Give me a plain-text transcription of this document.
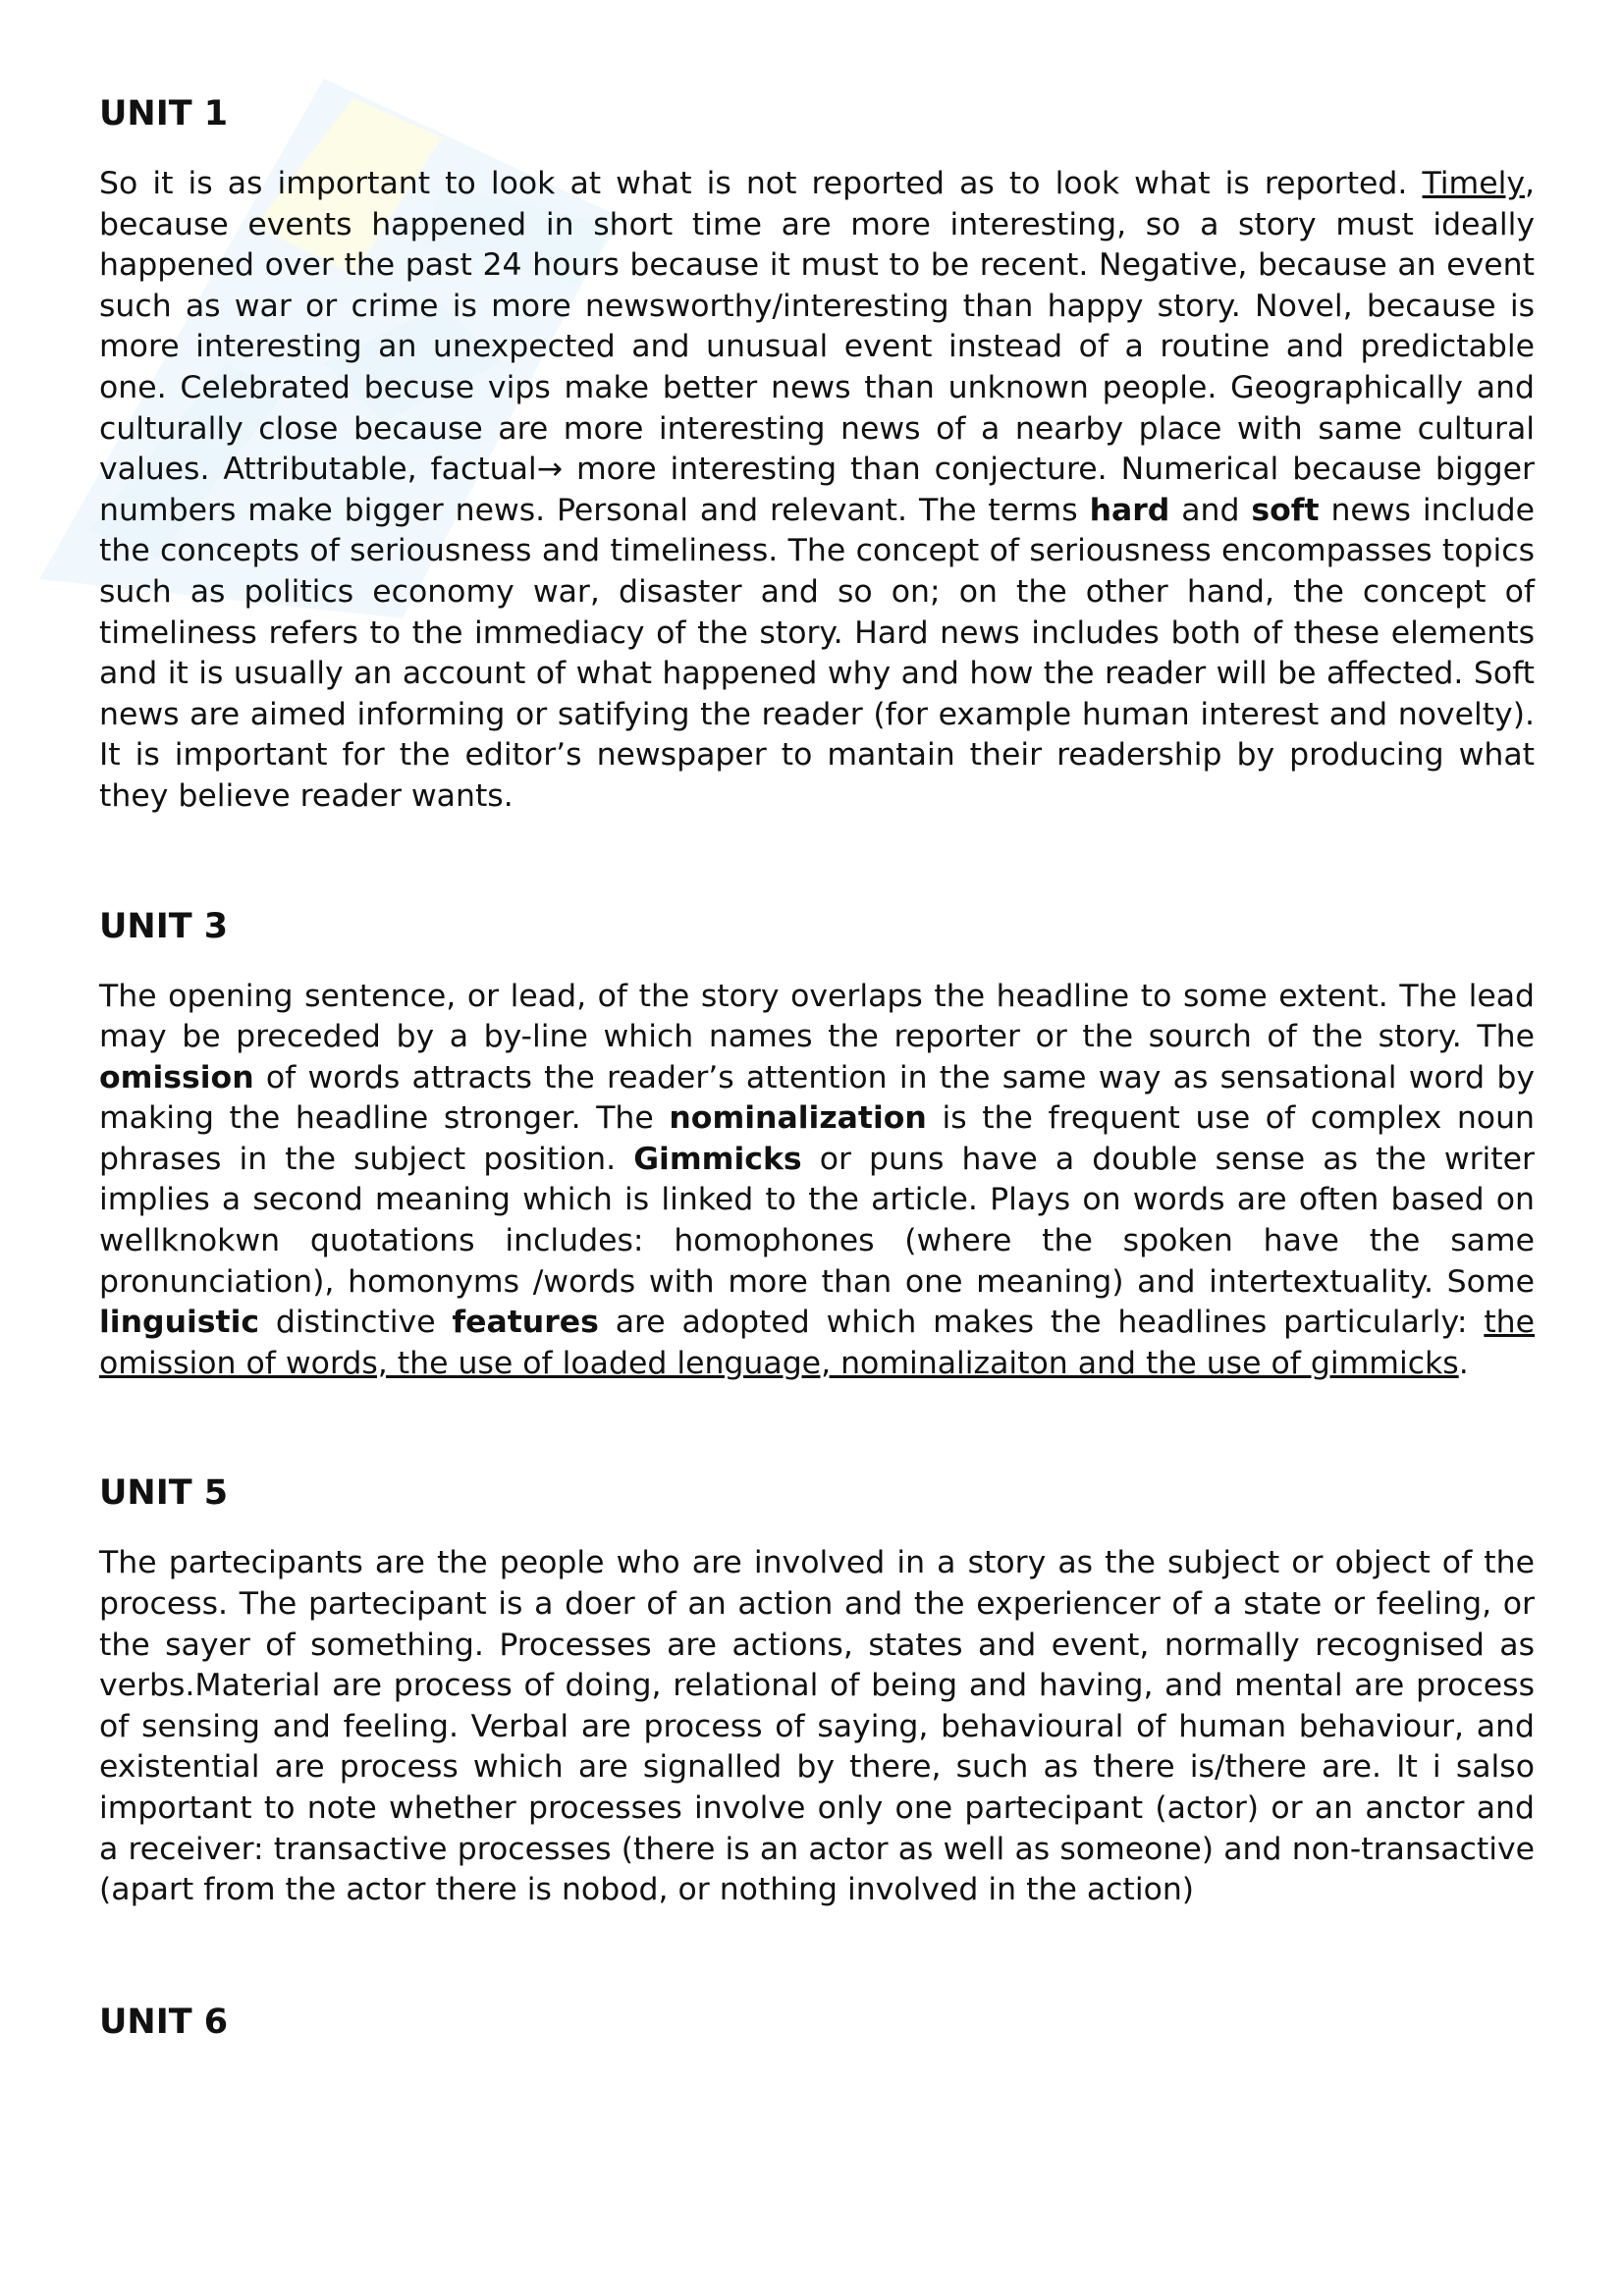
UNIT 1

So it is as important to look at what is not reported as to look what is reported. Timely, because events happened in short time are more interesting, so a story must ideally happened over the past 24 hours because it must to be recent. Negative, because an event such as war or crime is more newsworthy/interesting than happy story. Novel, because is more interesting an unexpected and unusual event instead of a routine and predictable one. Celebrated becuse vips make better news than unknown people. Geographically and culturally close because are more interesting news of a nearby place with same cultural values. Attributable, factual→ more interesting than conjecture. Numerical because bigger numbers make bigger news. Personal and relevant. The terms hard and soft news include the concepts of seriousness and timeliness. The concept of seriousness encompasses topics such as politics economy war, disaster and so on; on the other hand, the concept of timeliness refers to the immediacy of the story. Hard news includes both of these elements and it is usually an account of what happened why and how the reader will be affected. Soft news are aimed informing or satifying the reader (for example human interest and novelty). It is important for the editor’s newspaper to mantain their readership by producing what they believe reader wants.

UNIT 3

The opening sentence, or lead, of the story overlaps the headline to some extent. The lead may be preceded by a by-line which names the reporter or the sourch of the story. The omission of words attracts the reader’s attention in the same way as sensational word by making the headline stronger. The nominalization is the frequent use of complex noun phrases in the subject position. Gimmicks or puns have a double sense as the writer implies a second meaning which is linked to the article. Plays on words are often based on wellknokwn quotations includes: homophones (where the spoken have the same pronunciation), homonyms /words with more than one meaning) and intertextuality. Some linguistic distinctive features are adopted which makes the headlines particularly: the omission of words, the use of loaded lenguage, nominalizaiton and the use of gimmicks.

UNIT 5

The partecipants are the people who are involved in a story as the subject or object of the process. The partecipant is a doer of an action and the experiencer of a state or feeling, or the sayer of something. Processes are actions, states and event, normally recognised as verbs.Material are process of doing, relational of being and having, and mental are process of sensing and feeling. Verbal are process of saying, behavioural of human behaviour, and existential are process which are signalled by there, such as there is/there are. It i salso important to note whether processes involve only one partecipant (actor) or an anctor and a receiver: transactive processes (there is an actor as well as someone) and non-transactive (apart from the actor there is nobod, or nothing involved in the action)

UNIT 6
